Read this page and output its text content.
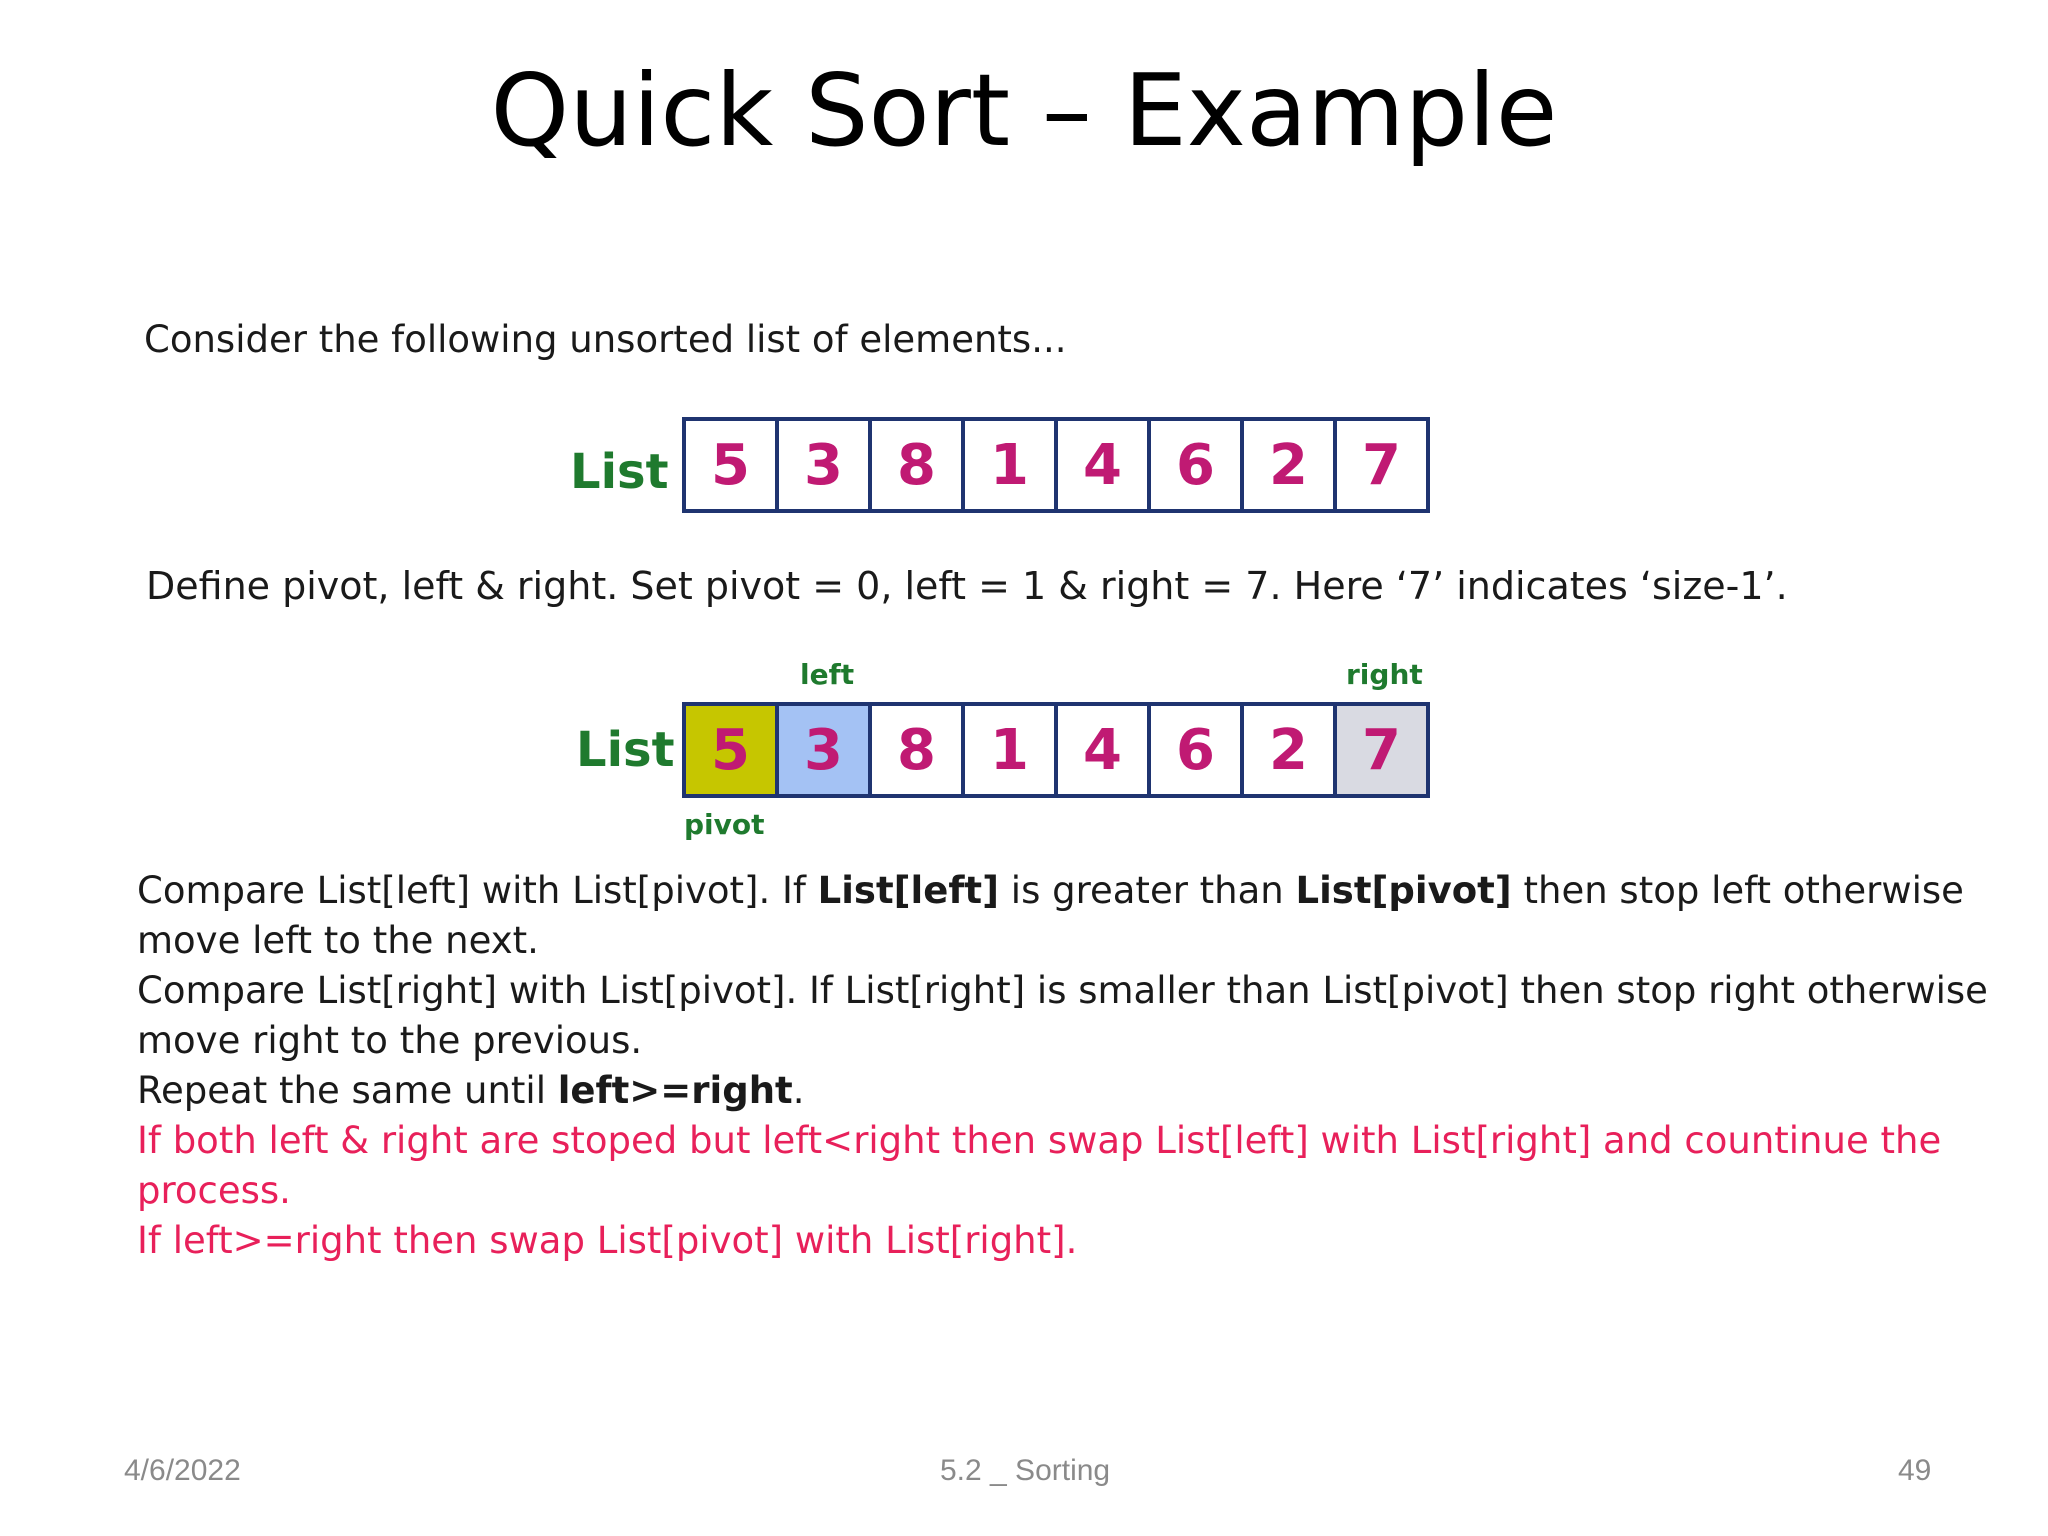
Quick Sort – Example
Consider the following unsorted list of elements...
List 5 3 8 1 4 6 2 7
Define pivot, left & right. Set pivot = 0, left = 1 & right = 7. Here ‘7’ indicates ‘size-1’.
left	right
List 5 3 8 1 4 6 2 7
pivot

Compare List[left] with List[pivot]. If List[left] is greater than List[pivot] then stop left otherwise move left to the next.

Compare List[right] with List[pivot]. If List[right] is smaller than List[pivot] then stop right otherwise move right to the previous.

Repeat the same until left>=right.

If both left & right are stoped but left<right then swap List[left] with List[right] and countinue the process.

If left>=right then swap List[pivot] with List[right].

4/6/2022	5.2 _ Sorting	49
